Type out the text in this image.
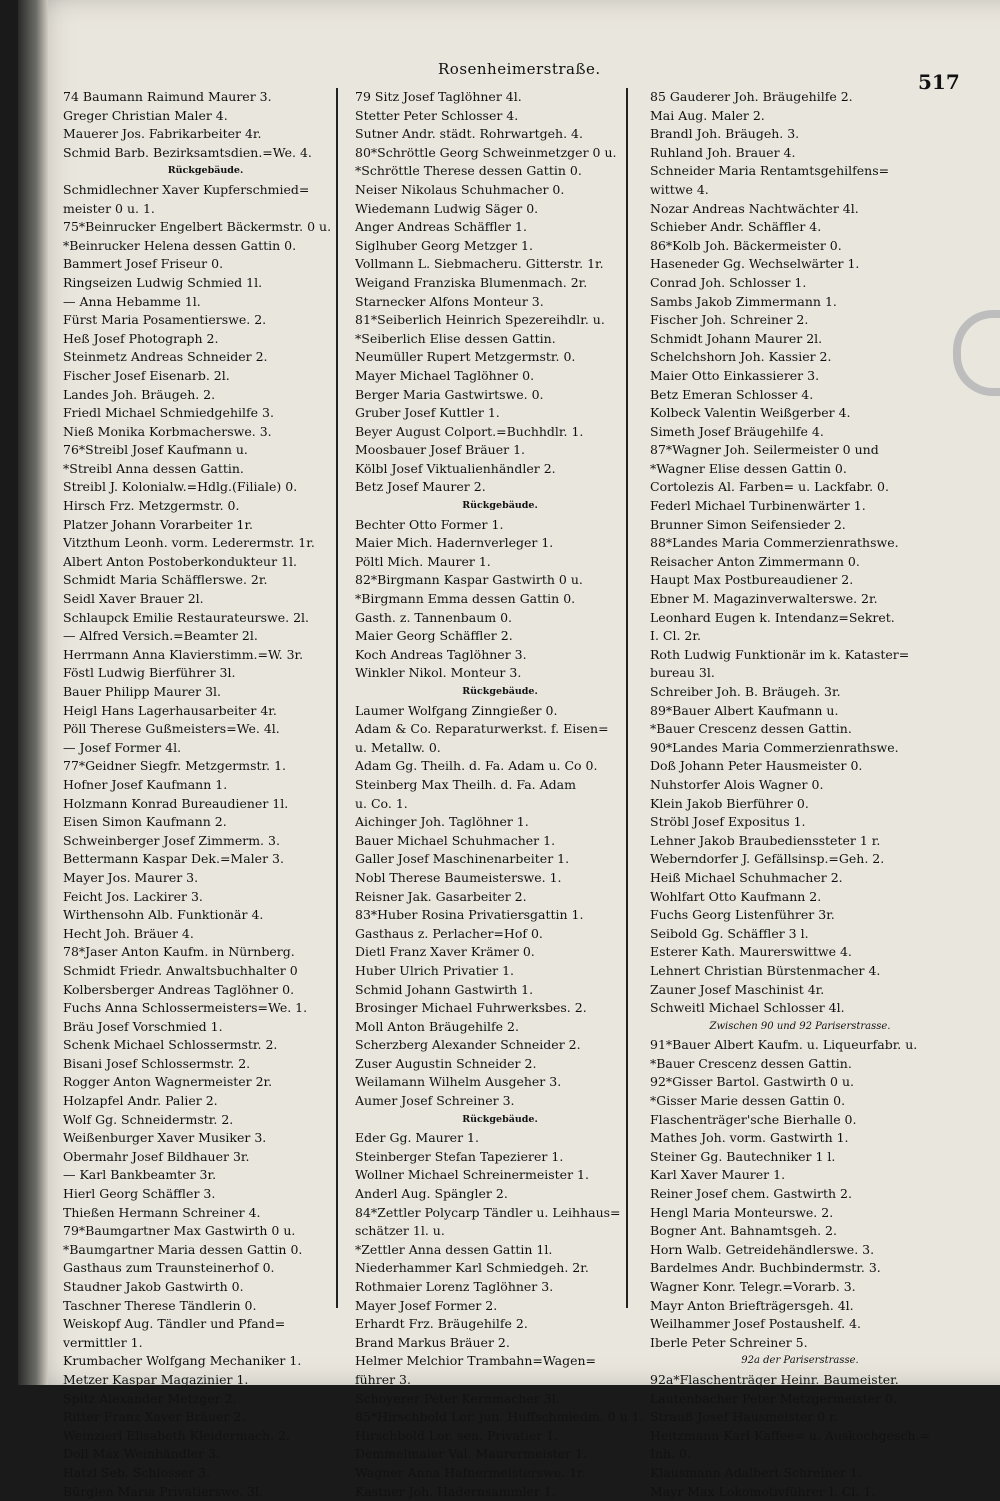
Rosenheimerstraße.
517
74 Baumann Raimund Maurer 3.
Greger Christian Maler 4.
Mauerer Jos. Fabrikarbeiter 4r.
Schmid Barb. Bezirksamtsdien.=We. 4.
Rückgebäude.
Schmidlechner Xaver Kupferschmied=
meister 0 u. 1.
75*Beinrucker Engelbert Bäckermstr. 0 u.
*Beinrucker Helena dessen Gattin 0.
Bammert Josef Friseur 0.
Ringseizen Ludwig Schmied 1l.
— Anna Hebamme 1l.
Fürst Maria Posamentierswe. 2.
Heß Josef Photograph 2.
Steinmetz Andreas Schneider 2.
Fischer Josef Eisenarb. 2l.
Landes Joh. Bräugeh. 2.
Friedl Michael Schmiedgehilfe 3.
Nieß Monika Korbmacherswe. 3.
76*Streibl Josef Kaufmann u.
*Streibl Anna dessen Gattin.
Streibl J. Kolonialw.=Hdlg.(Filiale) 0.
Hirsch Frz. Metzgermstr. 0.
Platzer Johann Vorarbeiter 1r.
Vitzthum Leonh. vorm. Lederermstr. 1r.
Albert Anton Postoberkondukteur 1l.
Schmidt Maria Schäfflerswe. 2r.
Seidl Xaver Brauer 2l.
Schlaupck Emilie Restaurateurswe. 2l.
— Alfred Versich.=Beamter 2l.
Herrmann Anna Klavierstimm.=W. 3r.
Föstl Ludwig Bierführer 3l.
Bauer Philipp Maurer 3l.
Heigl Hans Lagerhausarbeiter 4r.
Pöll Therese Gußmeisters=We. 4l.
— Josef Former 4l.
77*Geidner Siegfr. Metzgermstr. 1.
Hofner Josef Kaufmann 1.
Holzmann Konrad Bureaudiener 1l.
Eisen Simon Kaufmann 2.
Schweinberger Josef Zimmerm. 3.
Bettermann Kaspar Dek.=Maler 3.
Mayer Jos. Maurer 3.
Feicht Jos. Lackirer 3.
Wirthensohn Alb. Funktionär 4.
Hecht Joh. Bräuer 4.
78*Jaser Anton Kaufm. in Nürnberg.
Schmidt Friedr. Anwaltsbuchhalter 0
Kolbersberger Andreas Taglöhner 0.
Fuchs Anna Schlossermeisters=We. 1.
Bräu Josef Vorschmied 1.
Schenk Michael Schlossermstr. 2.
Bisani Josef Schlossermstr. 2.
Rogger Anton Wagnermeister 2r.
Holzapfel Andr. Palier 2.
Wolf Gg. Schneidermstr. 2.
Weißenburger Xaver Musiker 3.
Obermahr Josef Bildhauer 3r.
— Karl Bankbeamter 3r.
Hierl Georg Schäffler 3.
Thießen Hermann Schreiner 4.
79*Baumgartner Max Gastwirth 0 u.
*Baumgartner Maria dessen Gattin 0.
Gasthaus zum Traunsteinerhof 0.
Staudner Jakob Gastwirth 0.
Taschner Therese Tändlerin 0.
Weiskopf Aug. Tändler und Pfand=
vermittler 1.
Krumbacher Wolfgang Mechaniker 1.
Metzer Kaspar Magazinier 1.
Spitz Alexander Metzger 2.
Ritter Franz Xaver Bräuer 2.
Weinzierl Elisabeth Kleidermach. 2.
Doll Max Weinhändler 3.
Hatzl Seb. Schlosser 3.
Bürglen Maria Privatierswe. 3l.
79 Sitz Josef Taglöhner 4l.
Stetter Peter Schlosser 4.
Sutner Andr. städt. Rohrwartgeh. 4.
80*Schröttle Georg Schweinmetzger 0 u.
*Schröttle Therese dessen Gattin 0.
Neiser Nikolaus Schuhmacher 0.
Wiedemann Ludwig Säger 0.
Anger Andreas Schäffler 1.
Siglhuber Georg Metzger 1.
Vollmann L. Siebmacheru. Gitterstr. 1r.
Weigand Franziska Blumenmach. 2r.
Starnecker Alfons Monteur 3.
81*Seiberlich Heinrich Spezereihdlr. u.
*Seiberlich Elise dessen Gattin.
Neumüller Rupert Metzgermstr. 0.
Mayer Michael Taglöhner 0.
Berger Maria Gastwirtswe. 0.
Gruber Josef Kuttler 1.
Beyer August Colport.=Buchhdlr. 1.
Moosbauer Josef Bräuer 1.
Kölbl Josef Viktualienhändler 2.
Betz Josef Maurer 2.
Rückgebäude.
Bechter Otto Former 1.
Maier Mich. Hadernverleger 1.
Pöltl Mich. Maurer 1.
82*Birgmann Kaspar Gastwirth 0 u.
*Birgmann Emma dessen Gattin 0.
Gasth. z. Tannenbaum 0.
Maier Georg Schäffler 2.
Koch Andreas Taglöhner 3.
Winkler Nikol. Monteur 3.
Rückgebäude.
Laumer Wolfgang Zinngießer 0.
Adam & Co. Reparaturwerkst. f. Eisen=
u. Metallw. 0.
Adam Gg. Theilh. d. Fa. Adam u. Co 0.
Steinberg Max Theilh. d. Fa. Adam
u. Co. 1.
Aichinger Joh. Taglöhner 1.
Bauer Michael Schuhmacher 1.
Galler Josef Maschinenarbeiter 1.
Nobl Therese Baumeisterswe. 1.
Reisner Jak. Gasarbeiter 2.
83*Huber Rosina Privatiersgattin 1.
Gasthaus z. Perlacher=Hof 0.
Dietl Franz Xaver Krämer 0.
Huber Ulrich Privatier 1.
Schmid Johann Gastwirth 1.
Brosinger Michael Fuhrwerksbes. 2.
Moll Anton Bräugehilfe 2.
Scherzberg Alexander Schneider 2.
Zuser Augustin Schneider 2.
Weilamann Wilhelm Ausgeher 3.
Aumer Josef Schreiner 3.
Rückgebäude.
Eder Gg. Maurer 1.
Steinberger Stefan Tapezierer 1.
Wollner Michael Schreinermeister 1.
Anderl Aug. Spängler 2.
84*Zettler Polycarp Tändler u. Leihhaus=
schätzer 1l. u.
*Zettler Anna dessen Gattin 1l.
Niederhammer Karl Schmiedgeh. 2r.
Rothmaier Lorenz Taglöhner 3.
Mayer Josef Former 2.
Erhardt Frz. Bräugehilfe 2.
Brand Markus Bräuer 2.
Helmer Melchior Trambahn=Wagen=
führer 3.
Schoyerer Peter Kernmacher 3l.
85*Hirschbold Lor. jun. Huffschmiedm. 0 u 1.
Hirschbold Lor. sen. Privatier 1.
Demmelmaier Val. Maurermeister 1.
Wagner Anna Hafnermeisterswe. 1r.
Kastner Joh. Hadernsammler 1.
85 Gauderer Joh. Bräugehilfe 2.
Mai Aug. Maler 2.
Brandl Joh. Bräugeh. 3.
Ruhland Joh. Brauer 4.
Schneider Maria Rentamtsgehilfens=
wittwe 4.
Nozar Andreas Nachtwächter 4l.
Schieber Andr. Schäffler 4.
86*Kolb Joh. Bäckermeister 0.
Haseneder Gg. Wechselwärter 1.
Conrad Joh. Schlosser 1.
Sambs Jakob Zimmermann 1.
Fischer Joh. Schreiner 2.
Schmidt Johann Maurer 2l.
Schelchshorn Joh. Kassier 2.
Maier Otto Einkassierer 3.
Betz Emeran Schlosser 4.
Kolbeck Valentin Weißgerber 4.
Simeth Josef Bräugehilfe 4.
87*Wagner Joh. Seilermeister 0 und
*Wagner Elise dessen Gattin 0.
Cortolezis Al. Farben= u. Lackfabr. 0.
Federl Michael Turbinenwärter 1.
Brunner Simon Seifensieder 2.
88*Landes Maria Commerzienrathswe.
Reisacher Anton Zimmermann 0.
Haupt Max Postbureaudiener 2.
Ebner M. Magazinverwalterswe. 2r.
Leonhard Eugen k. Intendanz=Sekret.
I. Cl. 2r.
Roth Ludwig Funktionär im k. Kataster=
bureau 3l.
Schreiber Joh. B. Bräugeh. 3r.
89*Bauer Albert Kaufmann u.
*Bauer Crescenz dessen Gattin.
90*Landes Maria Commerzienrathswe.
Doß Johann Peter Hausmeister 0.
Nuhstorfer Alois Wagner 0.
Klein Jakob Bierführer 0.
Ströbl Josef Expositus 1.
Lehner Jakob Braubedienssteter 1 r.
Weberndorfer J. Gefällsinsp.=Geh. 2.
Heiß Michael Schuhmacher 2.
Wohlfart Otto Kaufmann 2.
Fuchs Georg Listenführer 3r.
Seibold Gg. Schäffler 3 l.
Esterer Kath. Maurerswittwe 4.
Lehnert Christian Bürstenmacher 4.
Zauner Josef Maschinist 4r.
Schweitl Michael Schlosser 4l.
Zwischen 90 und 92 Pariserstrasse.
91*Bauer Albert Kaufm. u. Liqueurfabr. u.
*Bauer Crescenz dessen Gattin.
92*Gisser Bartol. Gastwirth 0 u.
*Gisser Marie dessen Gattin 0.
Flaschenträger'sche Bierhalle 0.
Mathes Joh. vorm. Gastwirth 1.
Steiner Gg. Bautechniker 1 l.
Karl Xaver Maurer 1.
Reiner Josef chem. Gastwirth 2.
Hengl Maria Monteurswe. 2.
Bogner Ant. Bahnamtsgeh. 2.
Horn Walb. Getreidehändlerswe. 3.
Bardelmes Andr. Buchbindermstr. 3.
Wagner Konr. Telegr.=Vorarb. 3.
Mayr Anton Briefträgersgeh. 4l.
Weilhammer Josef Postaushelf. 4.
Iberle Peter Schreiner 5.
92a der Pariserstrasse.
92a*Flaschenträger Heinr. Baumeister.
Lautenbacher Peter Metzgermeister 0.
Strauß Josef Hausmeister 0 r.
Heitzmann Karl Kaffee= u. Auskochgesch.=
Inh. 0.
Klausmann Adalbert Schreiner 1.
Mayr Max Lokomotivführer I. Cl. 1.
